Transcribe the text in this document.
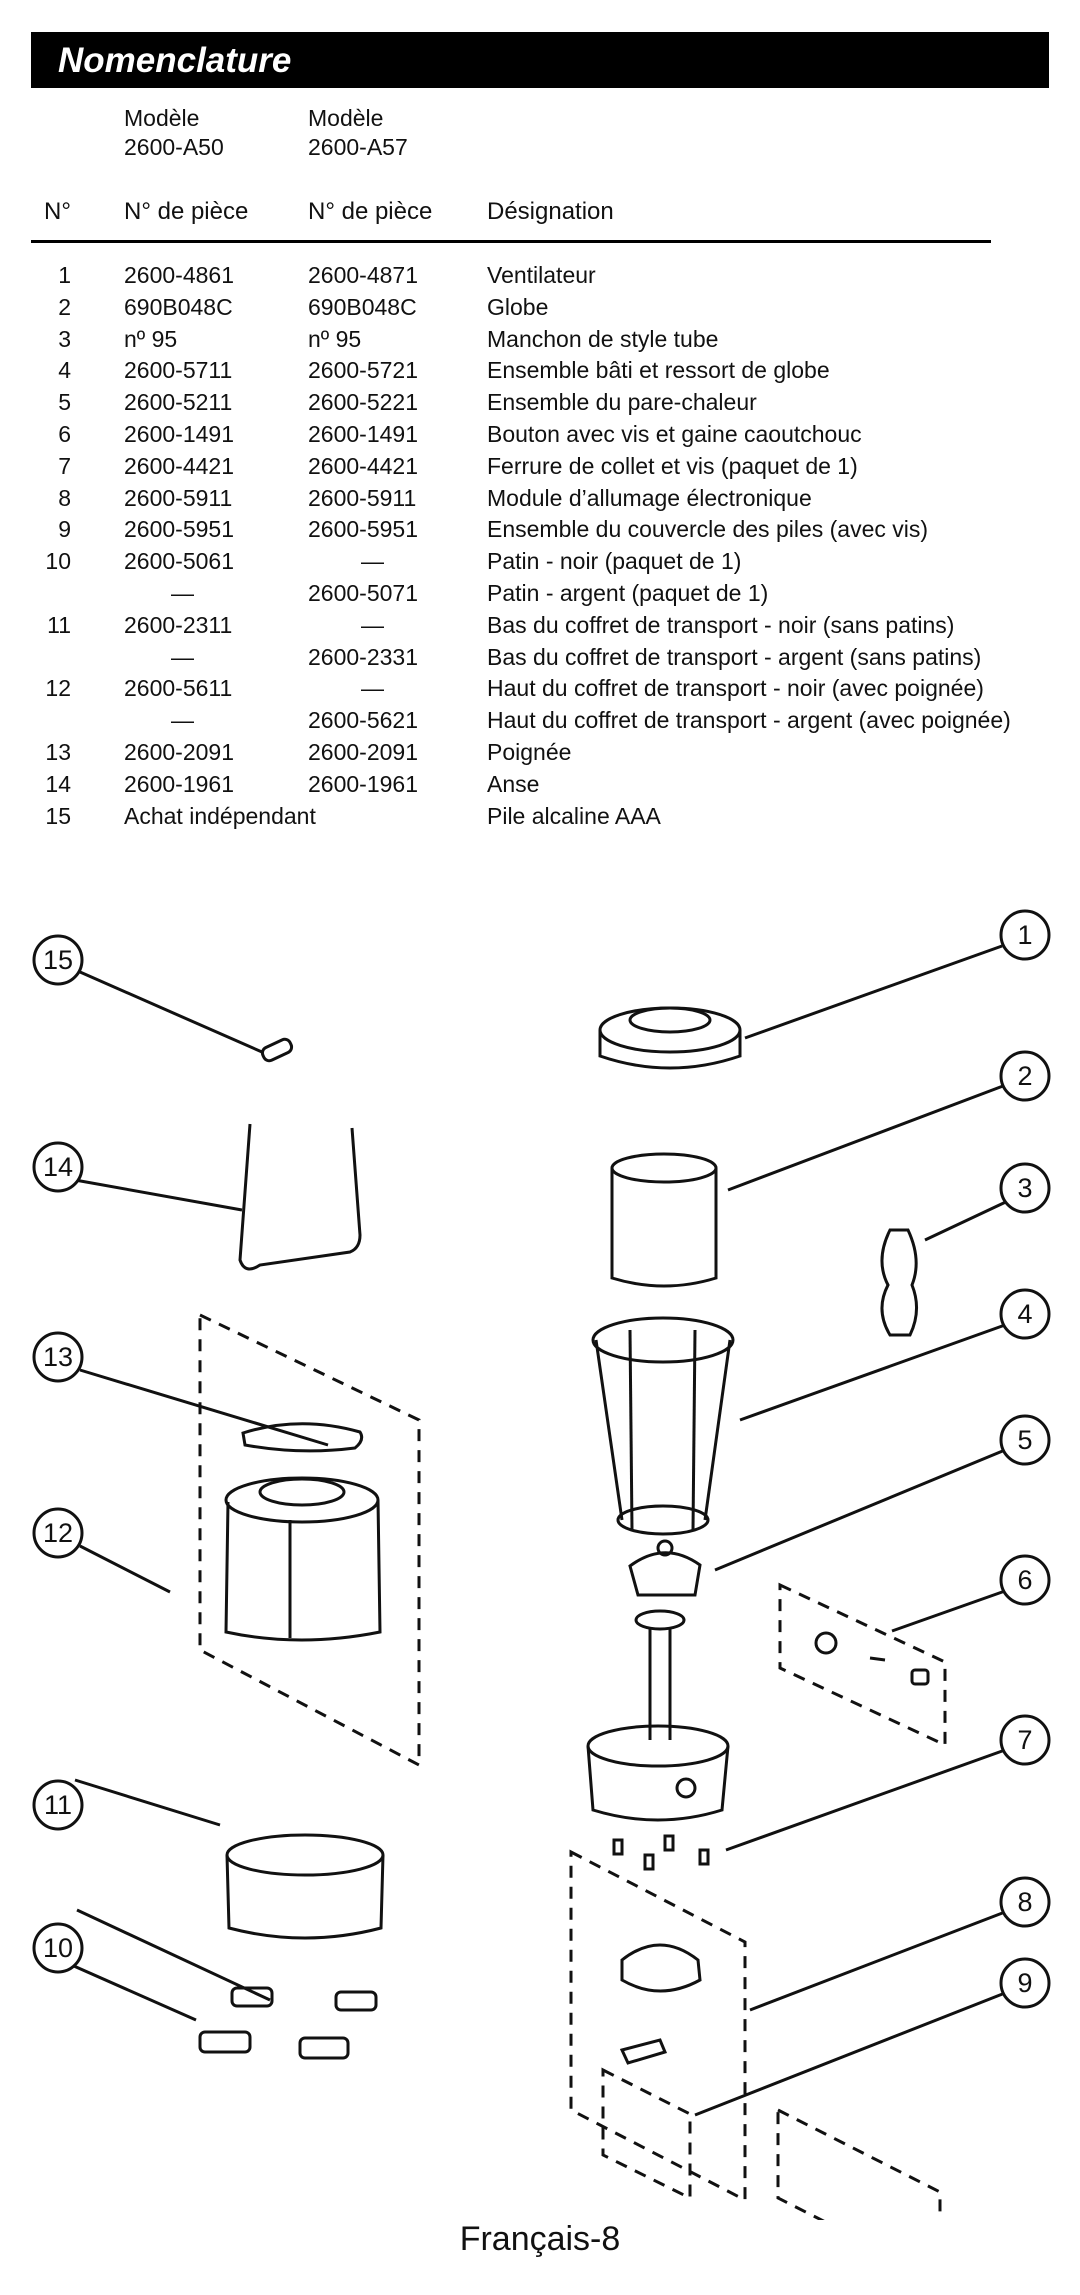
Nomenclature
Modèle
2600-A50
Modèle
2600-A57
N° N° de pièce N° de pièce Désignation
1 2600-4861	2600-4871	Ventilateur
2 690B048C	690B048C	Globe
3 nº 95	nº 95	Manchon de style tube
4 2600-5711	2600-5721	Ensemble bâti et ressort de globe
5 2600-5211	2600-5221	Ensemble du pare-chaleur
6 2600-1491	2600-1491	Bouton avec vis et gaine caoutchouc
7 2600-4421	2600-4421	Ferrure de collet et vis (paquet de 1)
8 2600-5911	2600-5911	Module d’allumage électronique
9 2600-5951	2600-5951	Ensemble du couvercle des piles (avec vis)
10 2600-5061	—	Patin - noir (paquet de 1)
—	2600-5071	Patin - argent (paquet de 1)
11 2600-2311	—	Bas du coffret de transport - noir (sans patins)
—	2600-2331	Bas du coffret de transport - argent (sans patins)
12 2600-5611	—	Haut du coffret de transport - noir (avec poignée)
—	2600-5621	Haut du coffret de transport - argent (avec poignée)
13 2600-2091	2600-2091	Poignée
14 2600-1961	2600-1961	Anse
15 Achat indépendant	Pile alcaline AAA
1
2
3
4
5
6
7
8
9
10
11
12
13
14
15
Français-8
